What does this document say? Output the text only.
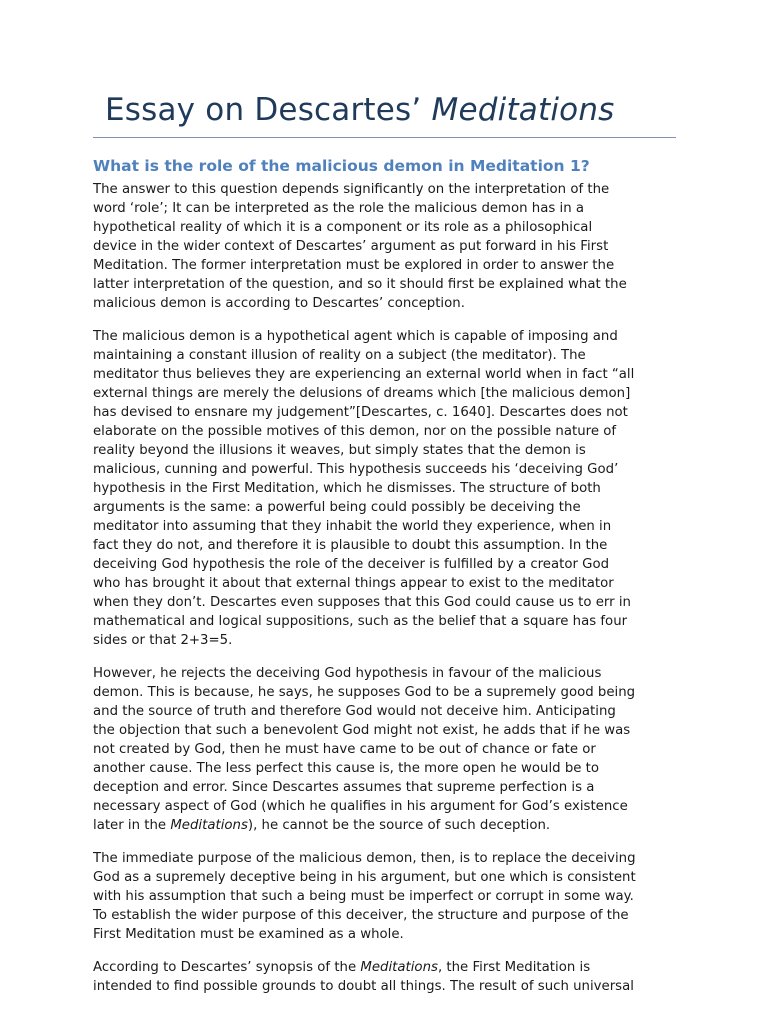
Essay on Descartes’ Meditations
What is the role of the malicious demon in Meditation 1?

The answer to this question depends significantly on the interpretation of the
word ‘role’; It can be interpreted as the role the malicious demon has in a
hypothetical reality of which it is a component or its role as a philosophical
device in the wider context of Descartes’ argument as put forward in his First
Meditation. The former interpretation must be explored in order to answer the
latter interpretation of the question, and so it should first be explained what the
malicious demon is according to Descartes’ conception.

The malicious demon is a hypothetical agent which is capable of imposing and
maintaining a constant illusion of reality on a subject (the meditator). The
meditator thus believes they are experiencing an external world when in fact “all
external things are merely the delusions of dreams which [the malicious demon]
has devised to ensnare my judgement”[Descartes, c. 1640]. Descartes does not
elaborate on the possible motives of this demon, nor on the possible nature of
reality beyond the illusions it weaves, but simply states that the demon is
malicious, cunning and powerful. This hypothesis succeeds his ‘deceiving God’
hypothesis in the First Meditation, which he dismisses. The structure of both
arguments is the same: a powerful being could possibly be deceiving the
meditator into assuming that they inhabit the world they experience, when in
fact they do not, and therefore it is plausible to doubt this assumption. In the
deceiving God hypothesis the role of the deceiver is fulfilled by a creator God
who has brought it about that external things appear to exist to the meditator
when they don’t. Descartes even supposes that this God could cause us to err in
mathematical and logical suppositions, such as the belief that a square has four
sides or that 2+3=5.

However, he rejects the deceiving God hypothesis in favour of the malicious
demon. This is because, he says, he supposes God to be a supremely good being
and the source of truth and therefore God would not deceive him. Anticipating
the objection that such a benevolent God might not exist, he adds that if he was
not created by God, then he must have came to be out of chance or fate or
another cause. The less perfect this cause is, the more open he would be to
deception and error. Since Descartes assumes that supreme perfection is a
necessary aspect of God (which he qualifies in his argument for God’s existence
later in the Meditations), he cannot be the source of such deception.

The immediate purpose of the malicious demon, then, is to replace the deceiving
God as a supremely deceptive being in his argument, but one which is consistent
with his assumption that such a being must be imperfect or corrupt in some way.
To establish the wider purpose of this deceiver, the structure and purpose of the
First Meditation must be examined as a whole.

According to Descartes’ synopsis of the Meditations, the First Meditation is
intended to find possible grounds to doubt all things. The result of such universal
